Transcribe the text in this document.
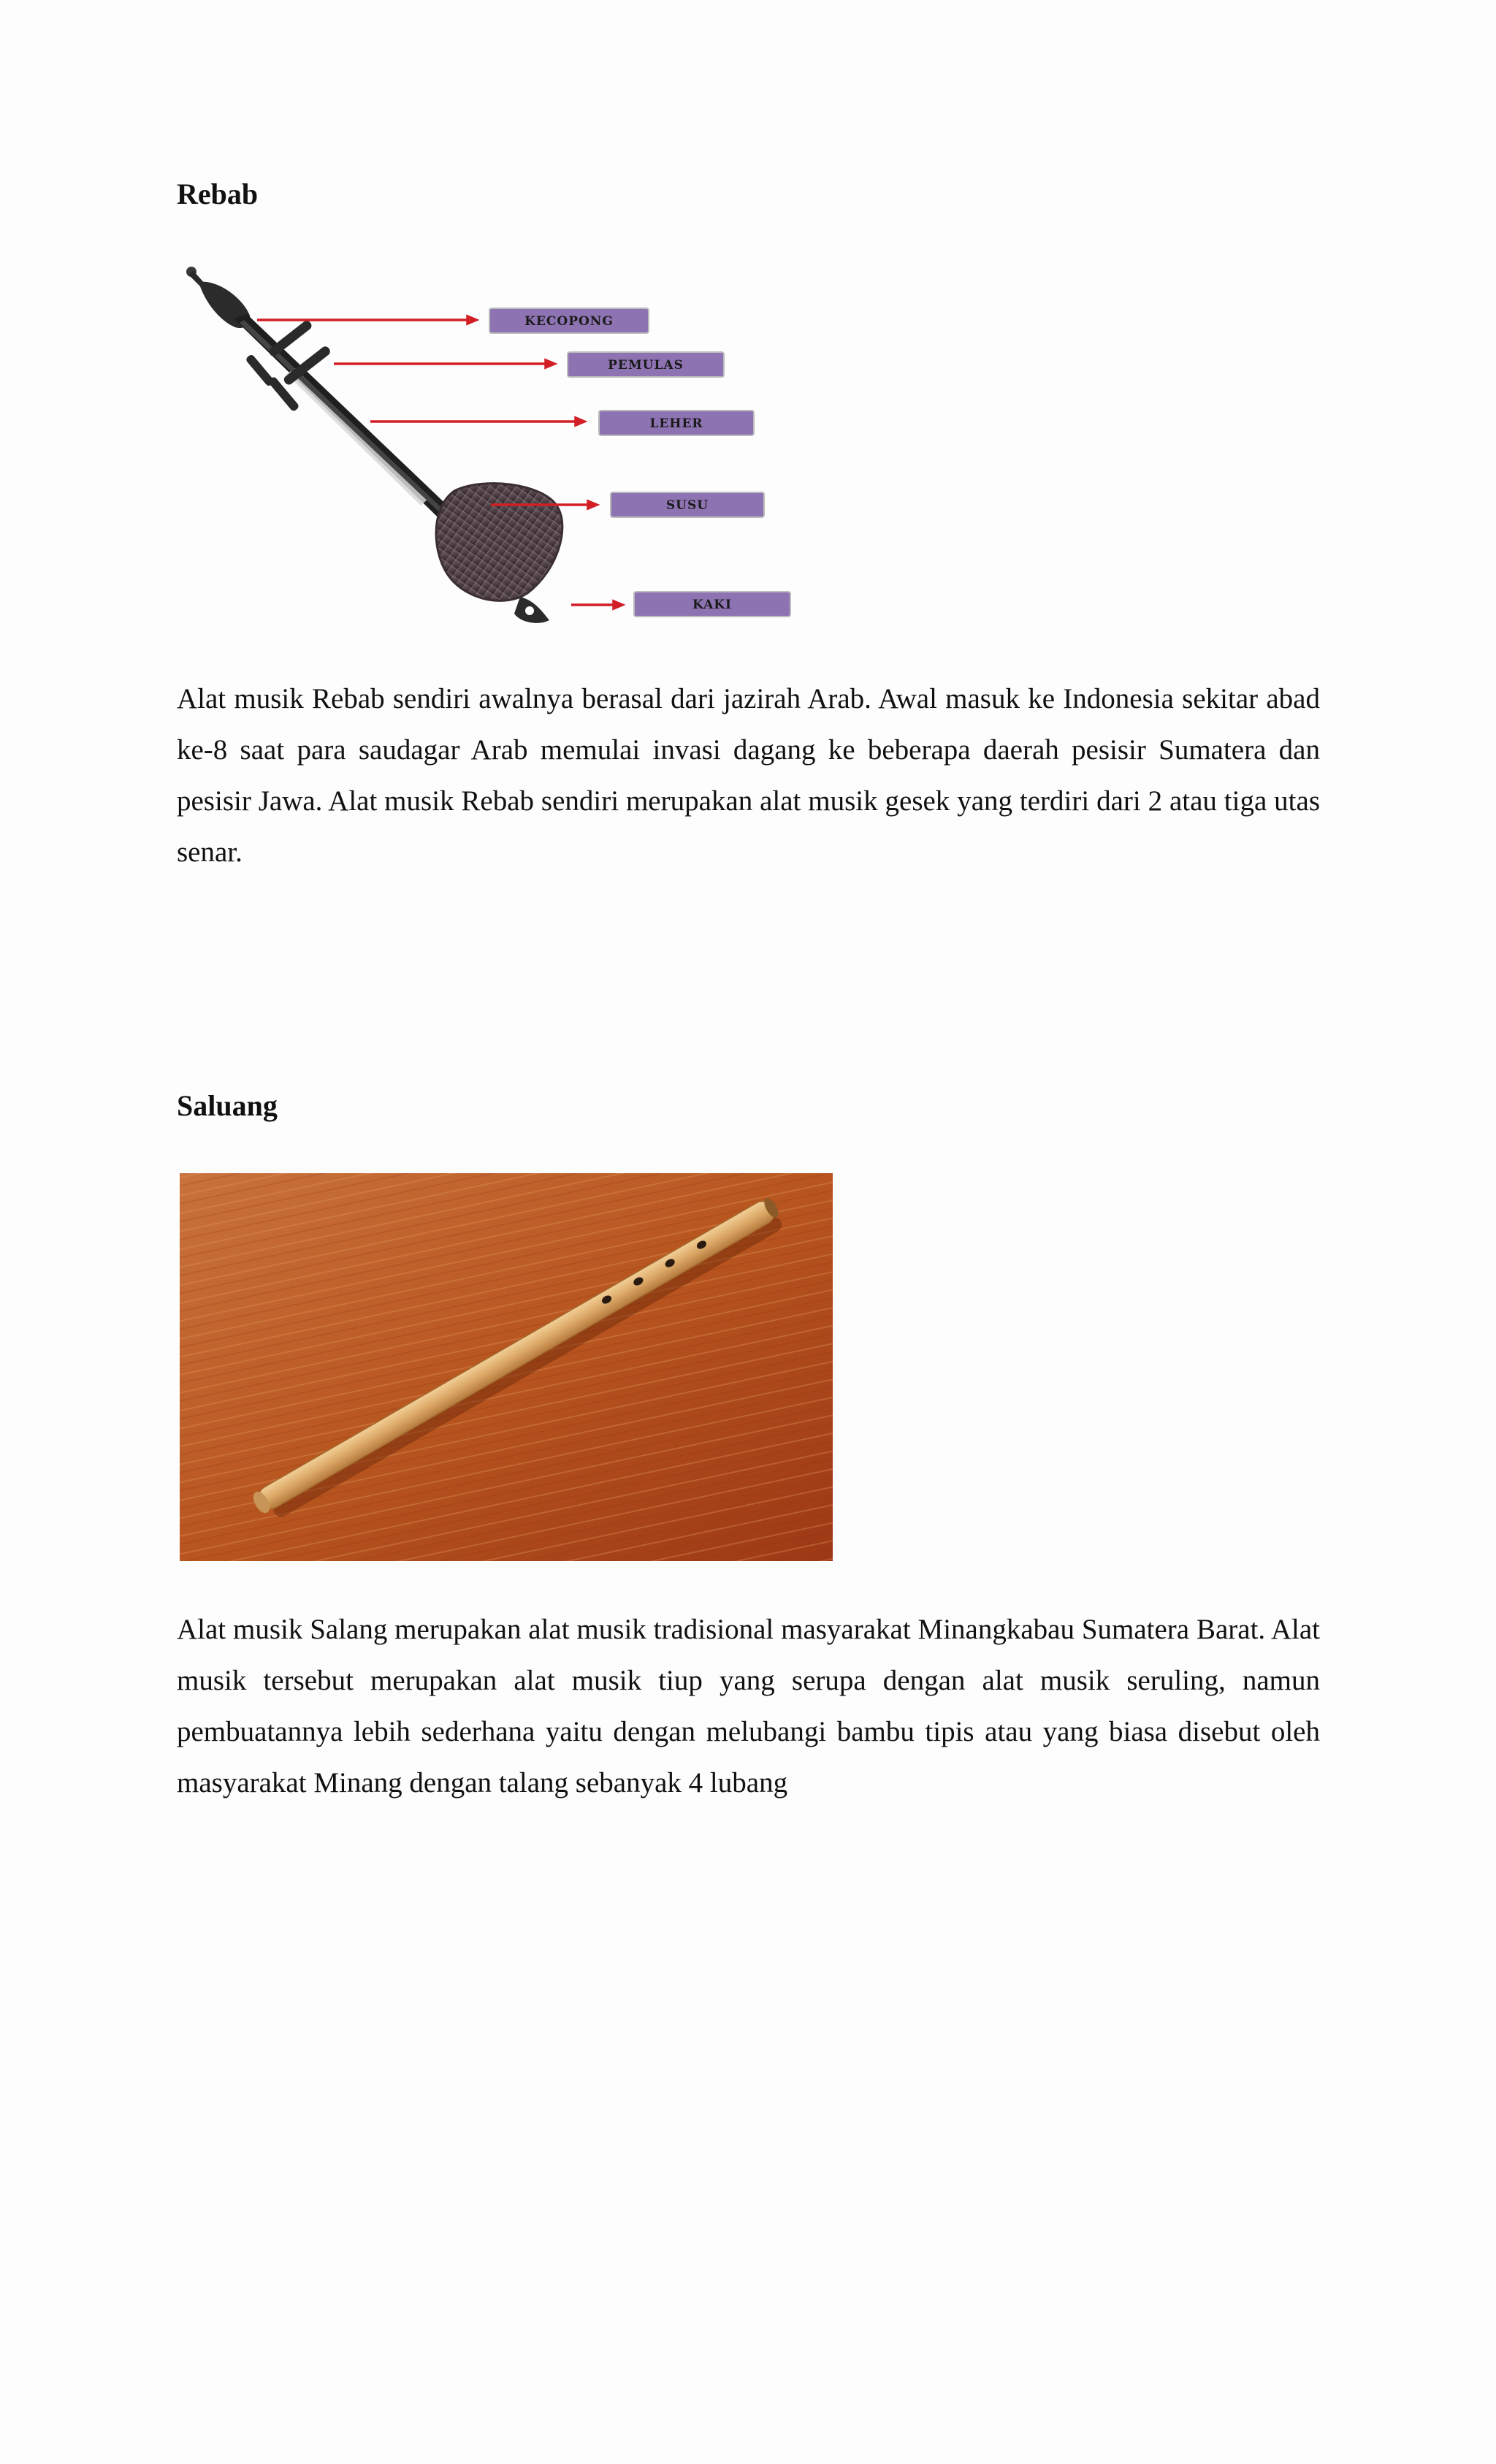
Rebab
KECOPONG
PEMULAS
LEHER
SUSU
KAKI

Alat musik Rebab sendiri awalnya berasal dari jazirah Arab. Awal masuk ke Indonesia sekitar abad ke-8 saat para saudagar Arab memulai invasi dagang ke beberapa daerah pesisir Sumatera dan pesisir Jawa. Alat musik Rebab sendiri merupakan alat musik gesek yang terdiri dari 2 atau tiga utas senar.

Saluang

Alat musik Salang merupakan alat musik tradisional masyarakat Minangkabau Sumatera Barat. Alat musik tersebut merupakan alat musik tiup yang serupa dengan alat musik seruling, namun pembuatannya lebih sederhana yaitu dengan melubangi bambu tipis atau yang biasa disebut oleh masyarakat Minang dengan talang sebanyak 4 lubang
